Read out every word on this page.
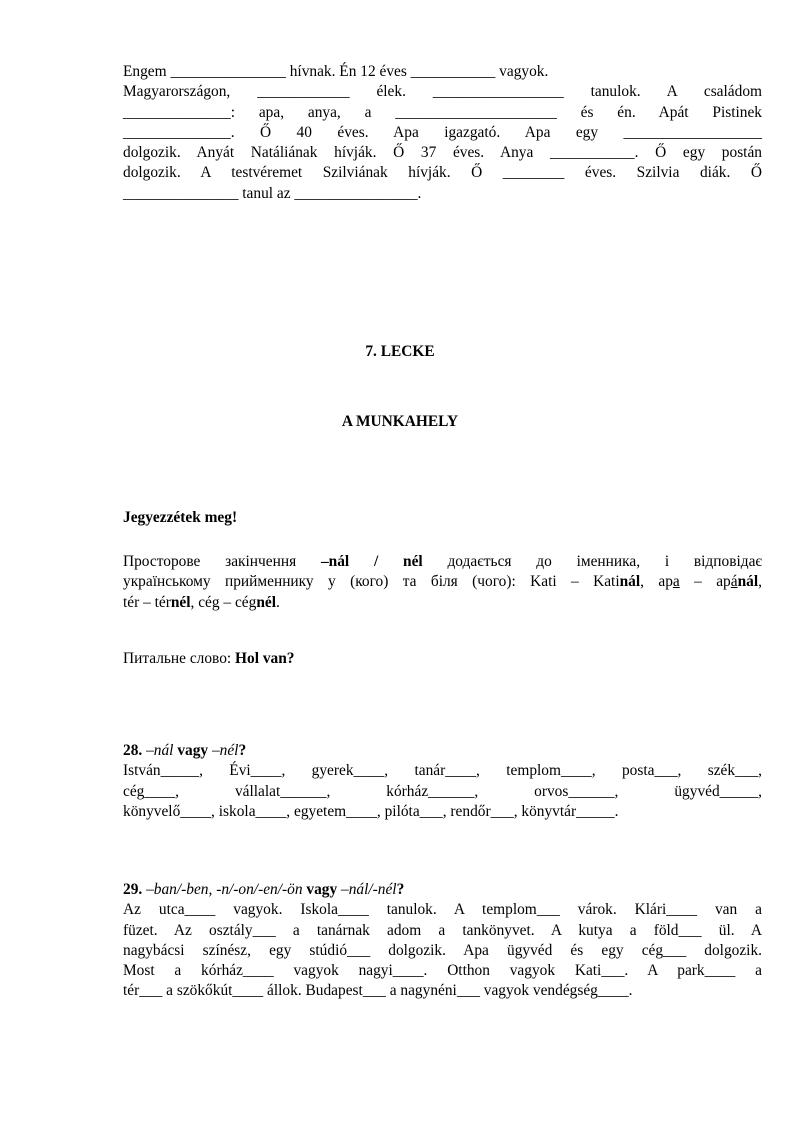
Engem _______________ hívnak. Én 12 éves ___________ vagyok.
Magyarországon, ____________ élek. _________________ tanulok. A családom
______________: apa, anya, a _____________________ és én. Apát Pistinek
______________. Ő 40 éves. Apa igazgató. Apa egy __________________
dolgozik. Anyát Natáliának hívják. Ő 37 éves. Anya ___________. Ő egy postán
dolgozik. A testvéremet Szilviának hívják. Ő ________ éves. Szilvia diák. Ő
_______________ tanul az ________________.
7. LECKE
A MUNKAHELY
Jegyezzétek meg!
Просторове закінчення –nál / nél додається до іменника, і відповідає
українському прийменнику у (кого) та біля (чого): Kati – Katinál, apa – apánál,
tér – térnél, cég – cégnél.
Питальне слово: Hol van?
28. –nál vagy –nél?
István_____, Évi____, gyerek____, tanár____, templom____, posta___, szék___,
cég____, vállalat______, kórház______, orvos______, ügyvéd_____,
könyvelő____, iskola____, egyetem____, pilóta___, rendőr___, könyvtár_____.
29. –ban/-ben, -n/-on/-en/-ön vagy –nál/-nél?
Az utca____ vagyok. Iskola____ tanulok. A templom___ várok. Klári____ van a
füzet. Az osztály___ a tanárnak adom a tankönyvet. A kutya a föld___ ül. A
nagybácsi színész, egy stúdió___ dolgozik. Apa ügyvéd és egy cég___ dolgozik.
Most a kórház____ vagyok nagyi____. Otthon vagyok Kati___. A park____ a
tér___ a szökőkút____ állok. Budapest___ a nagynéni___ vagyok vendégség____.
